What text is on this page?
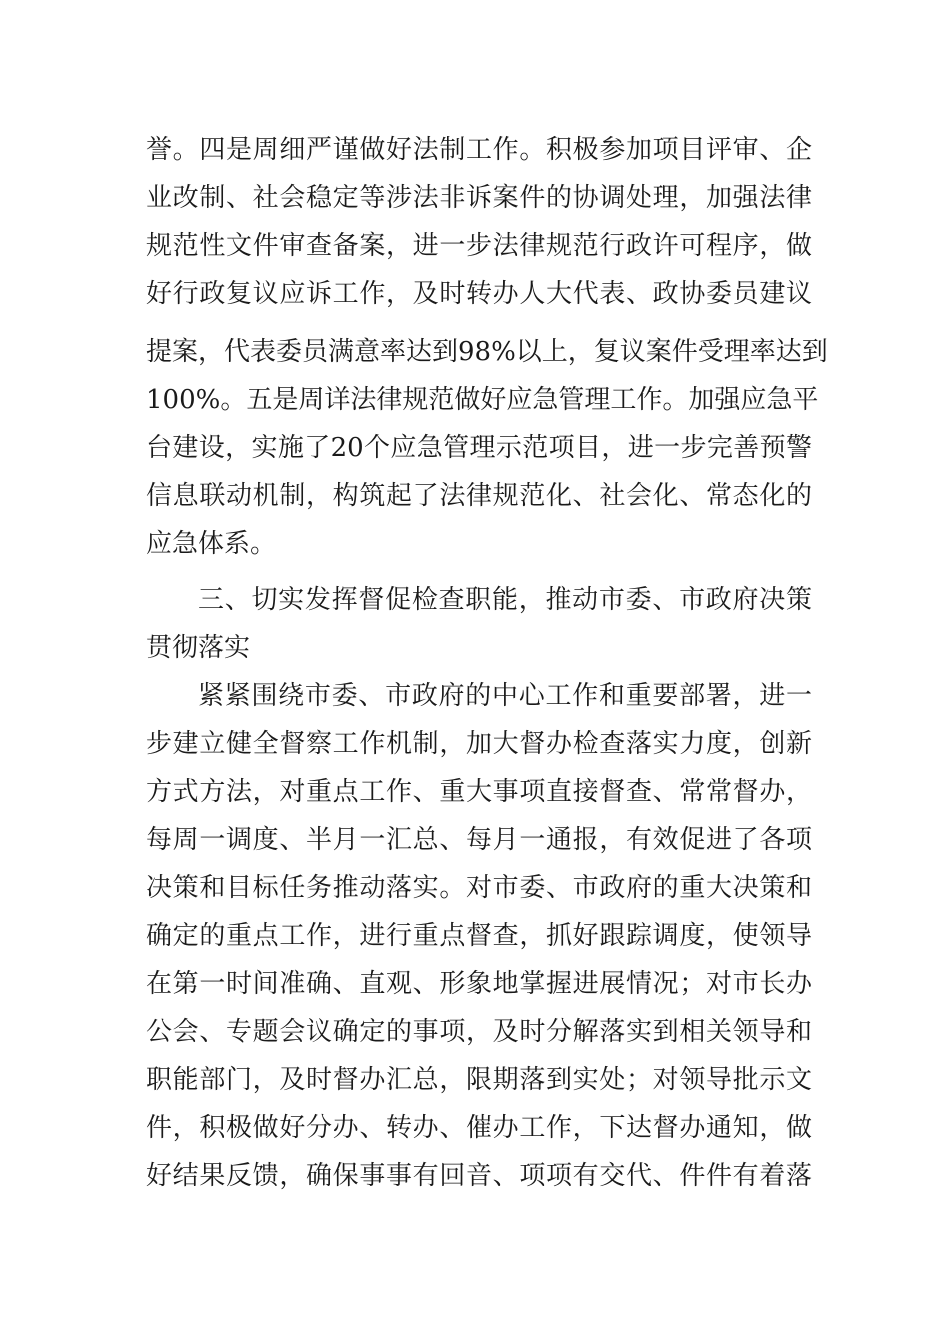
誉。四是周细严谨做好法制工作。积极参加项目评审、企
业改制、社会稳定等涉法非诉案件的协调处理，加强法律
规范性文件审查备案，进一步法律规范行政许可程序，做
好行政复议应诉工作，及时转办人大代表、政协委员建议
提案，代表委员满意率达到98%以上，复议案件受理率达到
100%。五是周详法律规范做好应急管理工作。加强应急平
台建设，实施了20个应急管理示范项目，进一步完善预警
信息联动机制，构筑起了法律规范化、社会化、常态化的
应急体系。
三、切实发挥督促检查职能，推动市委、市政府决策
贯彻落实
紧紧围绕市委、市政府的中心工作和重要部署，进一
步建立健全督察工作机制，加大督办检查落实力度，创新
方式方法，对重点工作、重大事项直接督查、常常督办，
每周一调度、半月一汇总、每月一通报，有效促进了各项
决策和目标任务推动落实。对市委、市政府的重大决策和
确定的重点工作，进行重点督查，抓好跟踪调度，使领导
在第一时间准确、直观、形象地掌握进展情况；对市长办
公会、专题会议确定的事项，及时分解落实到相关领导和
职能部门，及时督办汇总，限期落到实处；对领导批示文
件，积极做好分办、转办、催办工作，下达督办通知，做
好结果反馈，确保事事有回音、项项有交代、件件有着落
